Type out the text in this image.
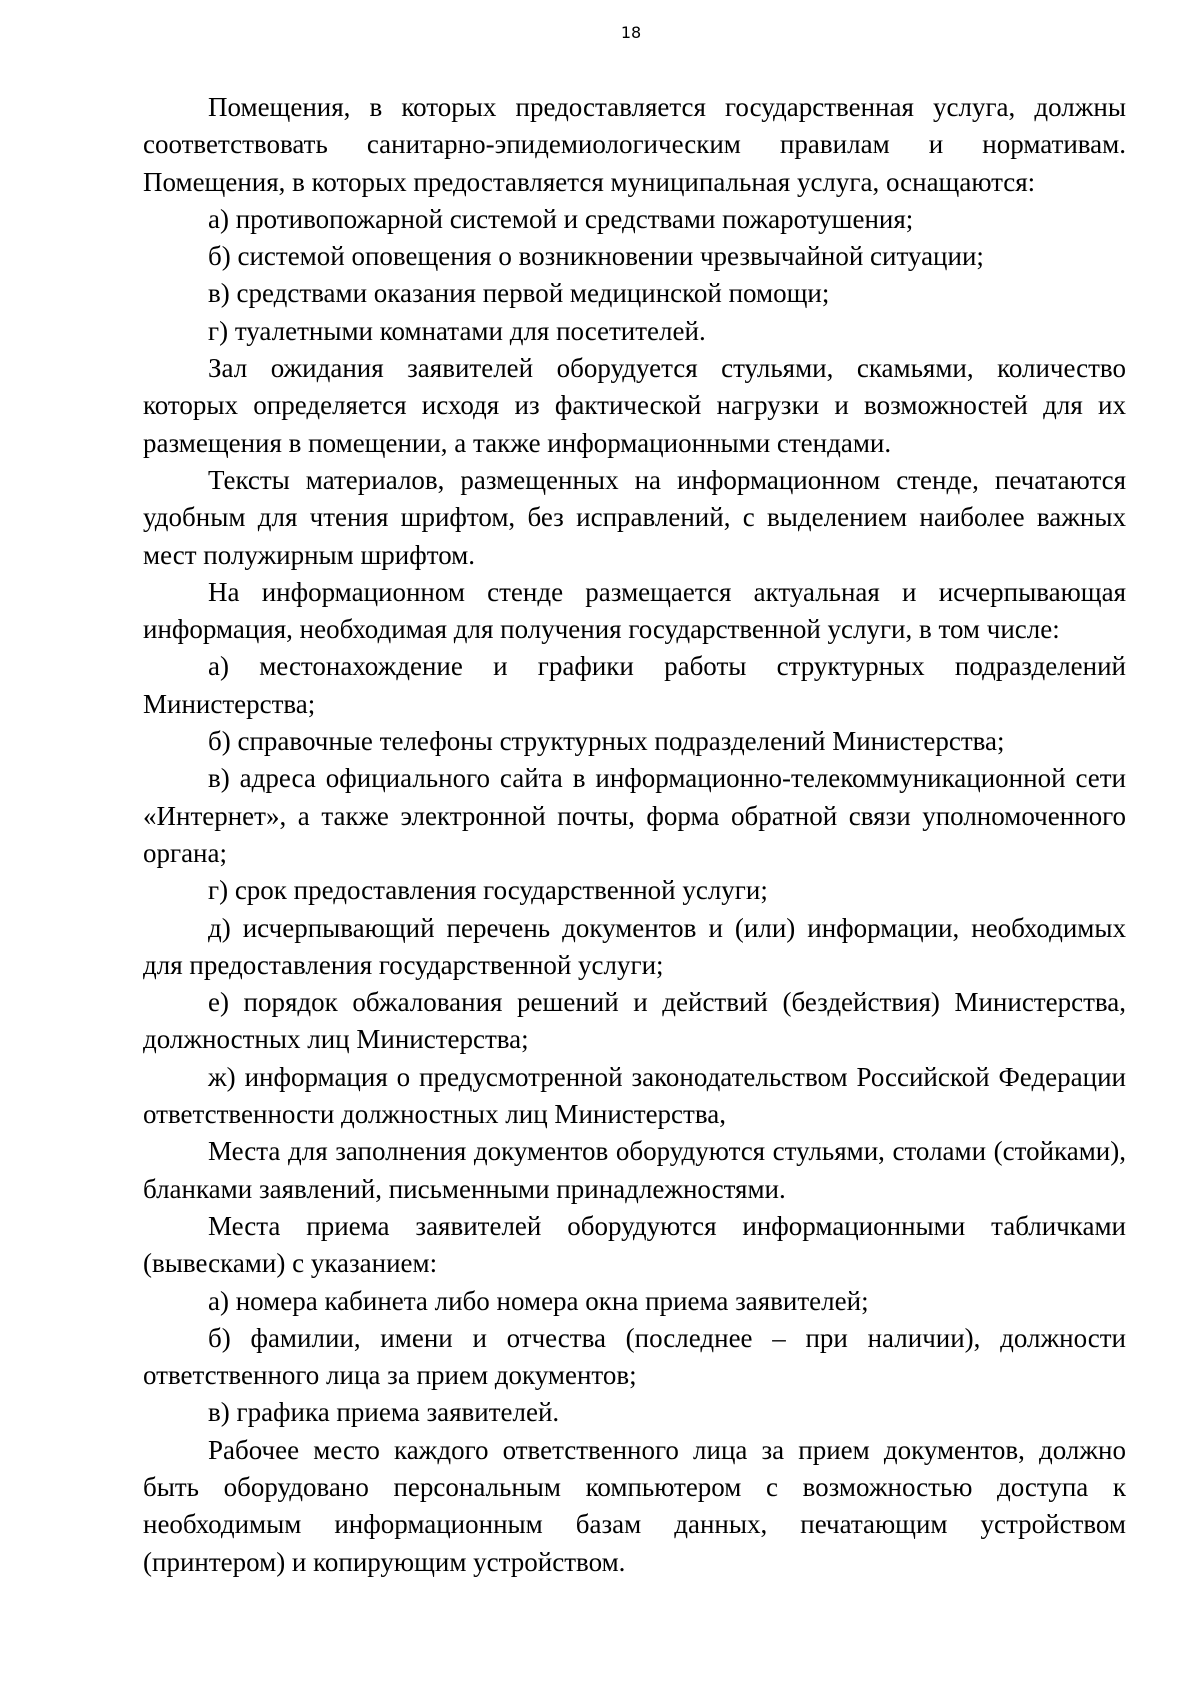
18

Помещения, в которых предоставляется государственная услуга, должны соответствовать санитарно-эпидемиологическим правилам и нормативам. Помещения, в которых предоставляется муниципальная услуга, оснащаются:

а) противопожарной системой и средствами пожаротушения;

б) системой оповещения о возникновении чрезвычайной ситуации;

в) средствами оказания первой медицинской помощи;

г) туалетными комнатами для посетителей.

Зал ожидания заявителей оборудуется стульями, скамьями, количество которых определяется исходя из фактической нагрузки и возможностей для их размещения в помещении, а также информационными стендами.

Тексты материалов, размещенных на информационном стенде, печатаются удобным для чтения шрифтом, без исправлений, с выделением наиболее важных мест полужирным шрифтом.

На информационном стенде размещается актуальная и исчерпывающая информация, необходимая для получения государственной услуги, в том числе:

а) местонахождение и графики работы структурных подразделений Министерства;

б) справочные телефоны структурных подразделений Министерства;

в) адреса официального сайта в информационно-телекоммуникационной сети «Интернет», а также электронной почты, форма обратной связи уполномоченного органа;

г) срок предоставления государственной услуги;

д) исчерпывающий перечень документов и (или) информации, необходимых для предоставления государственной услуги;

е) порядок обжалования решений и действий (бездействия) Министерства, должностных лиц Министерства;

ж) информация о предусмотренной законодательством Российской Федерации ответственности должностных лиц Министерства,

Места для заполнения документов оборудуются стульями, столами (стойками), бланками заявлений, письменными принадлежностями.

Места приема заявителей оборудуются информационными табличками (вывесками) с указанием:

а) номера кабинета либо номера окна приема заявителей;

б) фамилии, имени и отчества (последнее – при наличии), должности ответственного лица за прием документов;

в) графика приема заявителей.

Рабочее место каждого ответственного лица за прием документов, должно быть оборудовано персональным компьютером с возможностью доступа к необходимым информационным базам данных, печатающим устройством (принтером) и копирующим устройством.
